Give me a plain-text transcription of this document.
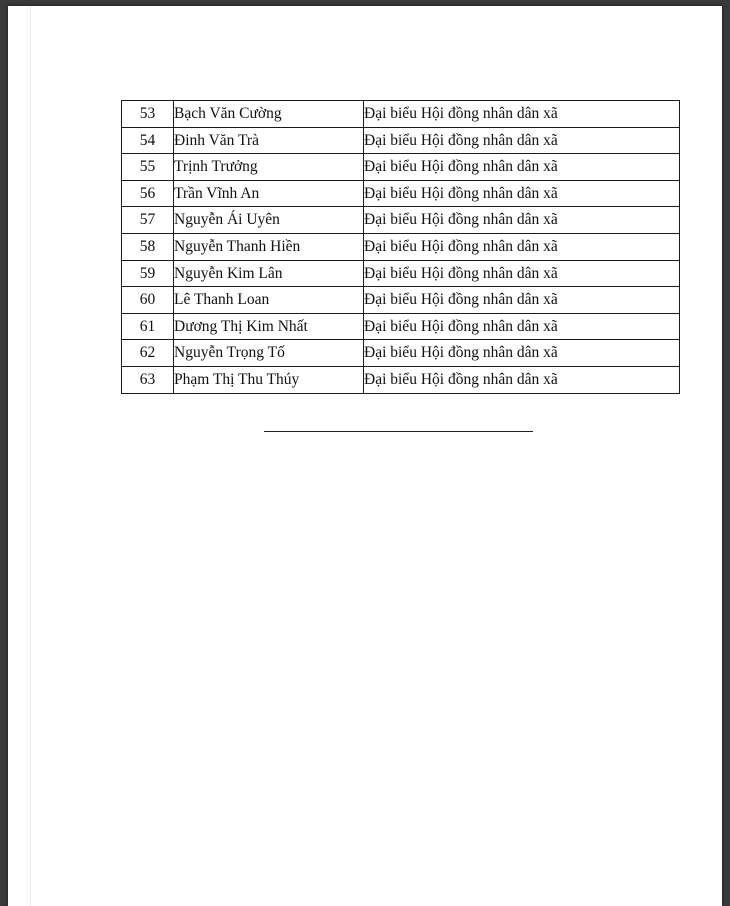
53	Bạch Văn Cường	Đại biểu Hội đồng nhân dân xã
54	Đinh Văn Trà	Đại biểu Hội đồng nhân dân xã
55	Trịnh Trưởng	Đại biểu Hội đồng nhân dân xã
56	Trần Vĩnh An	Đại biểu Hội đồng nhân dân xã
57	Nguyễn Ái Uyên	Đại biểu Hội đồng nhân dân xã
58	Nguyễn Thanh Hiền	Đại biểu Hội đồng nhân dân xã
59	Nguyễn Kim Lân	Đại biểu Hội đồng nhân dân xã
60	Lê Thanh Loan	Đại biểu Hội đồng nhân dân xã
61	Dương Thị Kim Nhất	Đại biểu Hội đồng nhân dân xã
62	Nguyễn Trọng Tố	Đại biểu Hội đồng nhân dân xã
63	Phạm Thị Thu Thúy	Đại biểu Hội đồng nhân dân xã
